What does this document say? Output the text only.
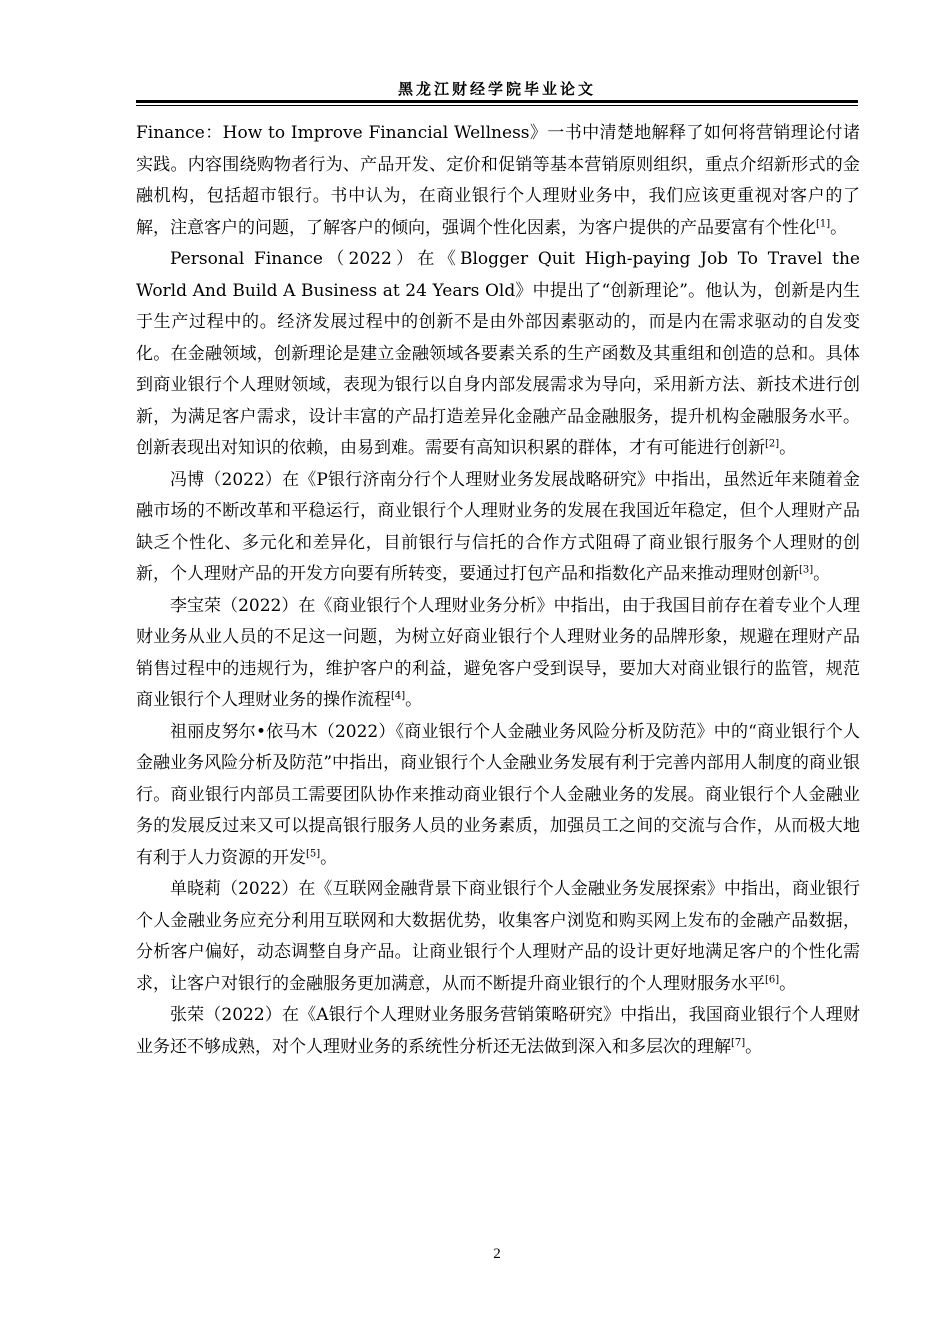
黑龙江财经学院毕业论文

Finance：How to Improve Financial Wellness》一书中清楚地解释了如何将营销理论付诸实践。内容围绕购物者行为、产品开发、定价和促销等基本营销原则组织，重点介绍新形式的金融机构，包括超市银行。书中认为，在商业银行个人理财业务中，我们应该更重视对客户的了解，注意客户的问题，了解客户的倾向，强调个性化因素，为客户提供的产品要富有个性化[1]。

Personal Finance（2022）在《Blogger Quit High-paying Job To Travel the World And Build A Business at 24 Years Old》中提出了“创新理论”。他认为，创新是内生于生产过程中的。经济发展过程中的创新不是由外部因素驱动的，而是内在需求驱动的自发变化。在金融领域，创新理论是建立金融领域各要素关系的生产函数及其重组和创造的总和。具体到商业银行个人理财领域，表现为银行以自身内部发展需求为导向，采用新方法、新技术进行创新，为满足客户需求，设计丰富的产品打造差异化金融产品金融服务，提升机构金融服务水平。创新表现出对知识的依赖，由易到难。需要有高知识积累的群体，才有可能进行创新[2]。

冯博（2022）在《P银行济南分行个人理财业务发展战略研究》中指出，虽然近年来随着金融市场的不断改革和平稳运行，商业银行个人理财业务的发展在我国近年稳定，但个人理财产品缺乏个性化、多元化和差异化，目前银行与信托的合作方式阻碍了商业银行服务个人理财的创新，个人理财产品的开发方向要有所转变，要通过打包产品和指数化产品来推动理财创新[3]。

李宝荣（2022）在《商业银行个人理财业务分析》中指出，由于我国目前存在着专业个人理财业务从业人员的不足这一问题，为树立好商业银行个人理财业务的品牌形象，规避在理财产品销售过程中的违规行为，维护客户的利益，避免客户受到误导，要加大对商业银行的监管，规范商业银行个人理财业务的操作流程[4]。

祖丽皮努尔•依马木（2022）《商业银行个人金融业务风险分析及防范》中的“商业银行个人金融业务风险分析及防范”中指出，商业银行个人金融业务发展有利于完善内部用人制度的商业银行。商业银行内部员工需要团队协作来推动商业银行个人金融业务的发展。商业银行个人金融业务的发展反过来又可以提高银行服务人员的业务素质，加强员工之间的交流与合作，从而极大地有利于人力资源的开发[5]。

单晓莉（2022）在《互联网金融背景下商业银行个人金融业务发展探索》中指出，商业银行个人金融业务应充分利用互联网和大数据优势，收集客户浏览和购买网上发布的金融产品数据，分析客户偏好，动态调整自身产品。让商业银行个人理财产品的设计更好地满足客户的个性化需求，让客户对银行的金融服务更加满意，从而不断提升商业银行的个人理财服务水平[6]。

张荣（2022）在《A银行个人理财业务服务营销策略研究》中指出，我国商业银行个人理财业务还不够成熟，对个人理财业务的系统性分析还无法做到深入和多层次的理解[7]。

2
